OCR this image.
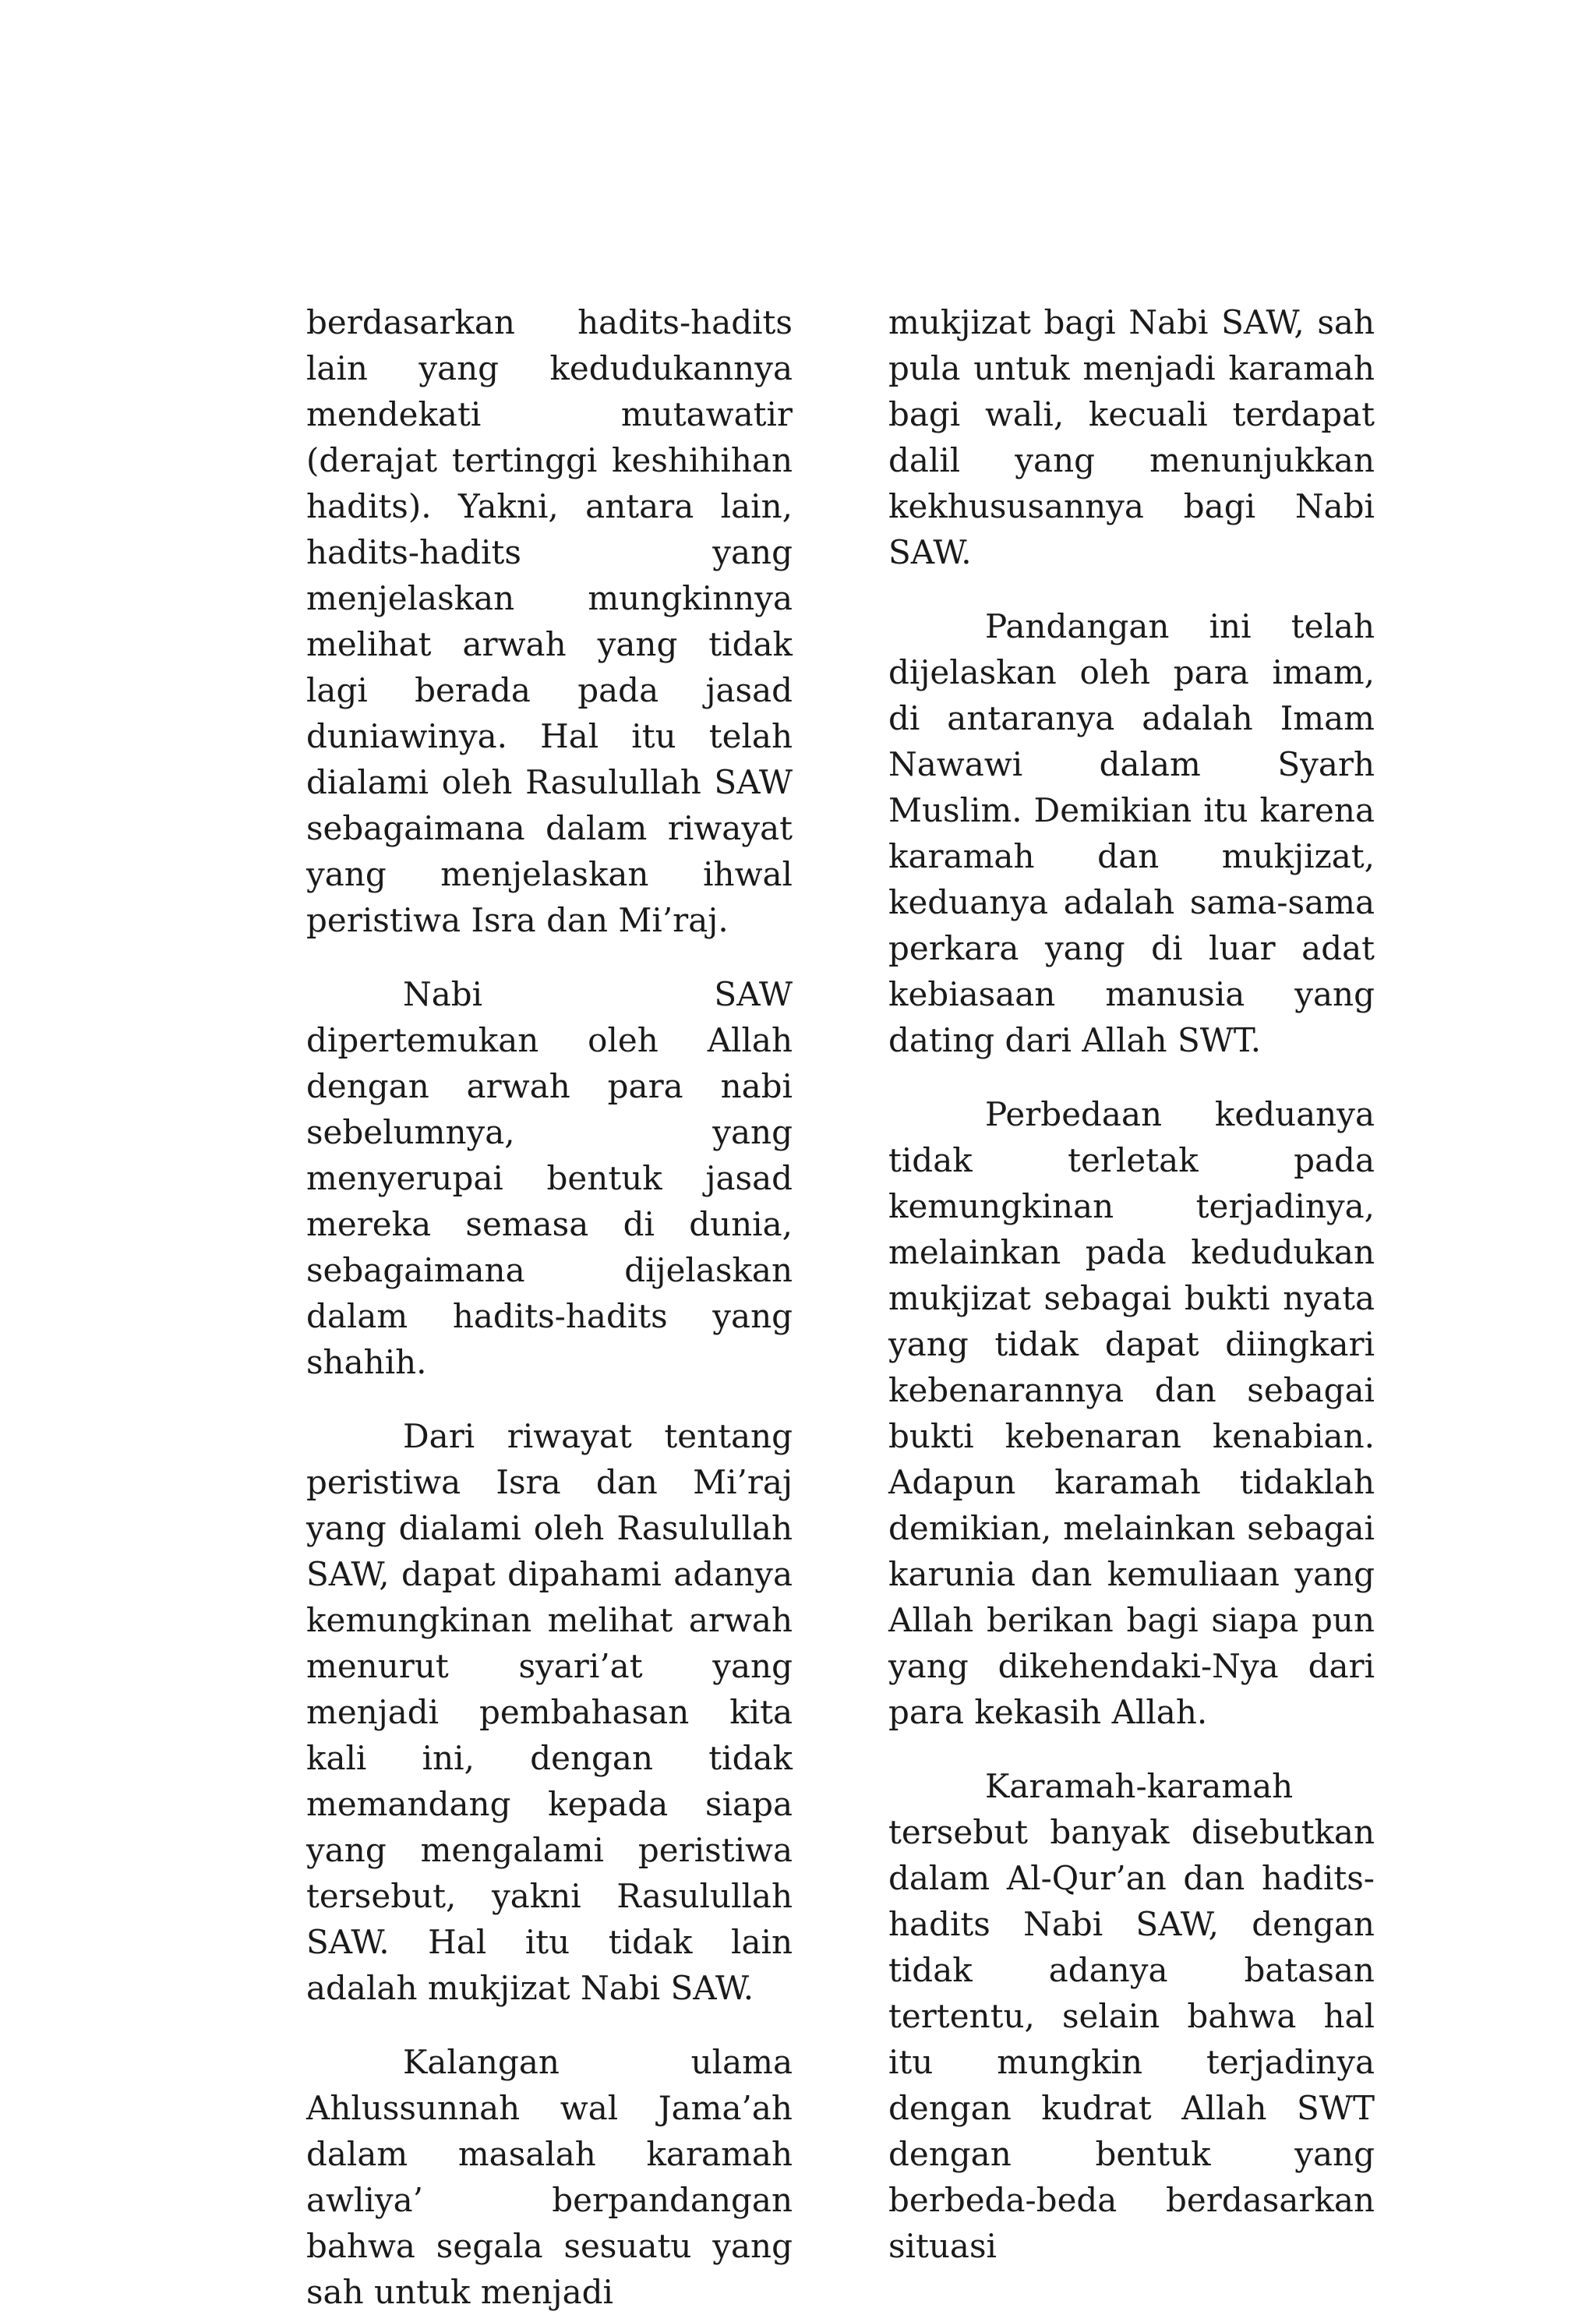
berdasarkan hadits-hadits lain yang kedudukannya mendekati mutawatir (derajat tertinggi keshihihan hadits). Yakni, antara lain, hadits-hadits yang menjelaskan mungkinnya melihat arwah yang tidak lagi berada pada jasad duniawinya. Hal itu telah dialami oleh Rasulullah SAW sebagaimana dalam riwayat yang menjelaskan ihwal peristiwa Isra dan Mi’raj.

Nabi SAW dipertemukan oleh Allah dengan arwah para nabi sebelumnya, yang menyerupai bentuk jasad mereka semasa di dunia, sebagaimana dijelaskan dalam hadits-hadits yang shahih.

Dari riwayat tentang peristiwa Isra dan Mi’raj yang dialami oleh Rasulullah SAW, dapat dipahami adanya kemungkinan melihat arwah menurut syari’at yang menjadi pembahasan kita kali ini, dengan tidak memandang kepada siapa yang mengalami peristiwa tersebut, yakni Rasulullah SAW. Hal itu tidak lain adalah mukjizat Nabi SAW.

Kalangan ulama Ahlussunnah wal Jama’ah dalam masalah karamah awliya’ berpandangan bahwa segala sesuatu yang sah untuk menjadi

mukjizat bagi Nabi SAW, sah pula untuk menjadi karamah bagi wali, kecuali terdapat dalil yang menunjukkan kekhususannya bagi Nabi SAW.

Pandangan ini telah dijelaskan oleh para imam, di antaranya adalah Imam Nawawi dalam Syarh Muslim. Demikian itu karena karamah dan mukjizat, keduanya adalah sama-sama perkara yang di luar adat kebiasaan manusia yang dating dari Allah SWT.

Perbedaan keduanya tidak terletak pada kemungkinan terjadinya, melainkan pada kedudukan mukjizat sebagai bukti nyata yang tidak dapat diingkari kebenarannya dan sebagai bukti kebenaran kenabian. Adapun karamah tidaklah demikian, melainkan sebagai karunia dan kemuliaan yang Allah berikan bagi siapa pun yang dikehendaki-Nya dari para kekasih Allah.

Karamah-karamah

tersebut banyak disebutkan dalam Al-Qur’an dan hadits-hadits Nabi SAW, dengan tidak adanya batasan tertentu, selain bahwa hal itu mungkin terjadinya dengan kudrat Allah SWT dengan bentuk yang berbeda-beda berdasarkan situasi
